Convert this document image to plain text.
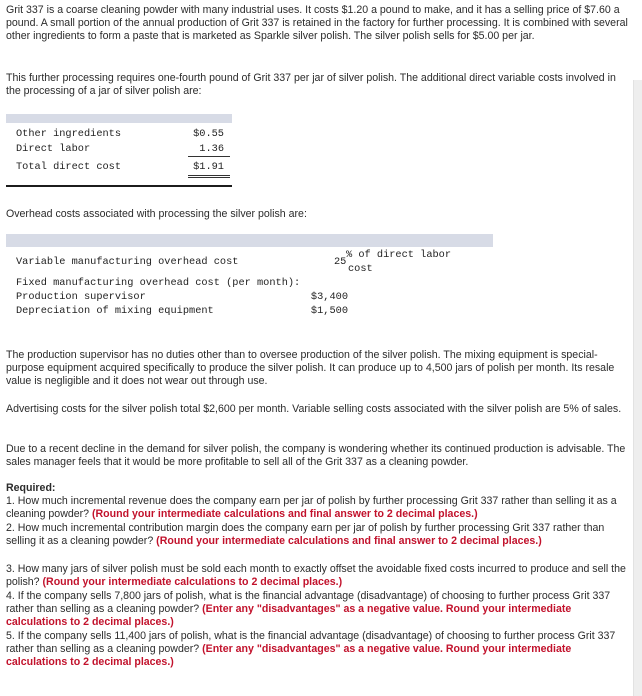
Grit 337 is a coarse cleaning powder with many industrial uses. It costs $1.20 a pound to make, and it has a selling price of $7.60 a pound. A small portion of the annual production of Grit 337 is retained in the factory for further processing. It is combined with several other ingredients to form a paste that is marketed as Sparkle silver polish. The silver polish sells for $5.00 per jar.

This further processing requires one-fourth pound of Grit 337 per jar of silver polish. The additional direct variable costs involved in the processing of a jar of silver polish are:

Other ingredients	$0.55
Direct labor	1.36
Total direct cost	$1.91

Overhead costs associated with processing the silver polish are:

Variable manufacturing overhead cost	25
% of direct labor
cost
Fixed manufacturing overhead cost (per month):
Production supervisor	$3,400
Depreciation of mixing equipment	$1,500

The production supervisor has no duties other than to oversee production of the silver polish. The mixing equipment is special-purpose equipment acquired specifically to produce the silver polish. It can produce up to 4,500 jars of polish per month. Its resale value is negligible and it does not wear out through use.

Advertising costs for the silver polish total $2,600 per month. Variable selling costs associated with the silver polish are 5% of sales.

Due to a recent decline in the demand for silver polish, the company is wondering whether its continued production is advisable. The sales manager feels that it would be more profitable to sell all of the Grit 337 as a cleaning powder.

Required:
1. How much incremental revenue does the company earn per jar of polish by further processing Grit 337 rather than selling it as a cleaning powder? (Round your intermediate calculations and final answer to 2 decimal places.)
2. How much incremental contribution margin does the company earn per jar of polish by further processing Grit 337 rather than selling it as a cleaning powder? (Round your intermediate calculations and final answer to 2 decimal places.)
3. How many jars of silver polish must be sold each month to exactly offset the avoidable fixed costs incurred to produce and sell the polish? (Round your intermediate calculations to 2 decimal places.)
4. If the company sells 7,800 jars of polish, what is the financial advantage (disadvantage) of choosing to further process Grit 337 rather than selling as a cleaning powder? (Enter any "disadvantages" as a negative value. Round your intermediate calculations to 2 decimal places.)
5. If the company sells 11,400 jars of polish, what is the financial advantage (disadvantage) of choosing to further process Grit 337 rather than selling as a cleaning powder? (Enter any "disadvantages" as a negative value. Round your intermediate calculations to 2 decimal places.)
